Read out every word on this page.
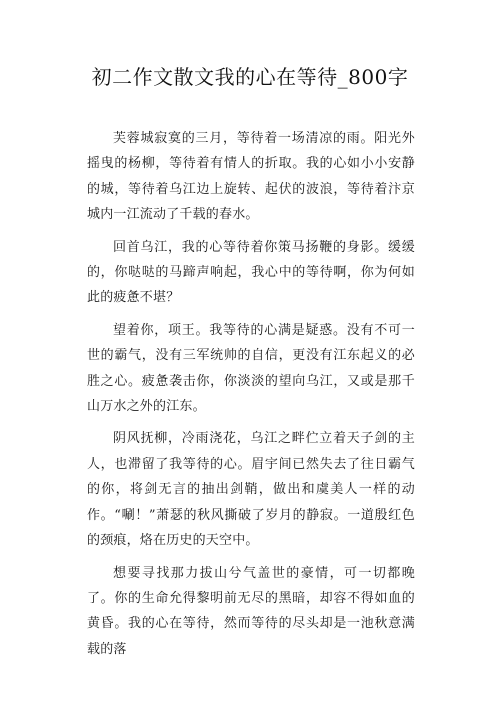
初二作文散文我的心在等待_800字

芙蓉城寂寞的三月，等待着一场清凉的雨。阳光外摇曳的杨柳，等待着有情人的折取。我的心如小小安静的城，等待着乌江边上旋转、起伏的波浪，等待着汴京城内一江流动了千载的春水。

回首乌江，我的心等待着你策马扬鞭的身影。缓缓的，你哒哒的马蹄声响起，我心中的等待啊，你为何如此的疲惫不堪？

望着你，项王。我等待的心满是疑惑。没有不可一世的霸气，没有三军统帅的自信，更没有江东起义的必胜之心。疲惫袭击你，你淡淡的望向乌江，又或是那千山万水之外的江东。

阴风抚柳，冷雨浇花，乌江之畔伫立着天子剑的主人，也滞留了我等待的心。眉宇间已然失去了往日霸气的你，将剑无言的抽出剑鞘，做出和虞美人一样的动作。“唰！”萧瑟的秋风撕破了岁月的静寂。一道殷红色的颈痕，烙在历史的天空中。

想要寻找那力拔山兮气盖世的豪情，可一切都晚了。你的生命允得黎明前无尽的黑暗，却容不得如血的黄昏。我的心在等待，然而等待的尽头却是一池秋意满载的落
